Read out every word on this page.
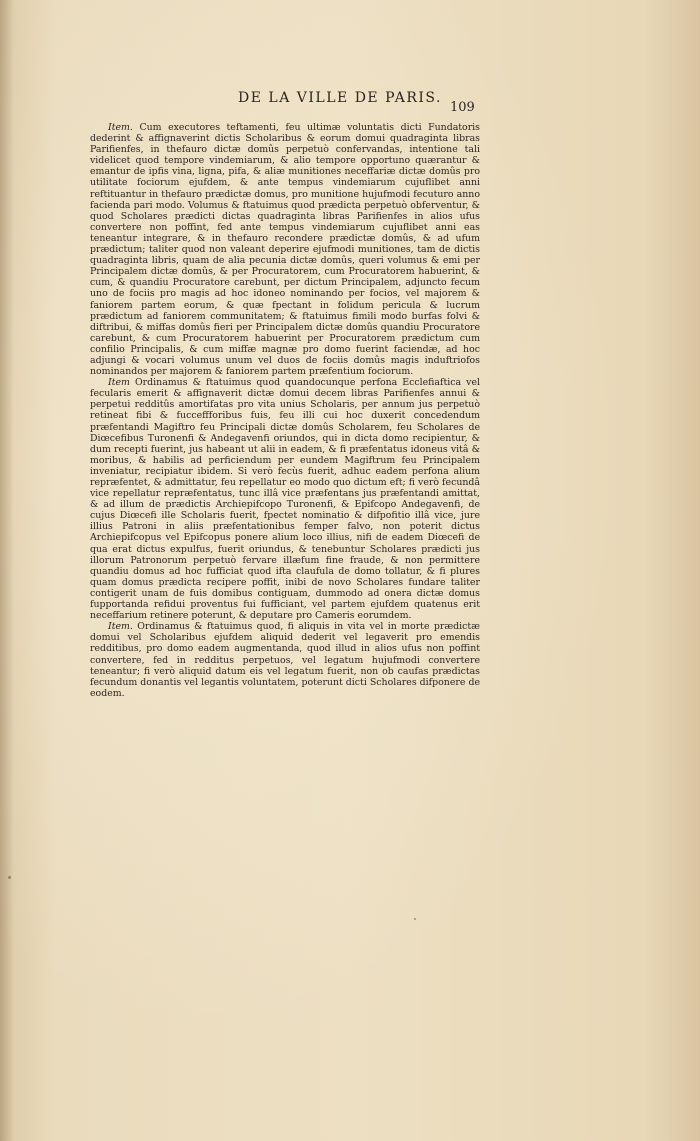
DE LA VILLE DE PARIS.
109

Item. Cum executores teftamenti, feu ultimæ voluntatis dicti Fundatoris dederint & affignaverint dictis Scholaribus & eorum domui quadraginta libras Parifienfes, in thefauro dictæ domûs perpetuò confervandas, intentione tali videlicet quod tempore vindemiarum, & alio tempore opportuno quærantur & emantur de ipfis vina, ligna, pifa, & aliæ munitiones neceffariæ dictæ domûs pro utilitate fociorum ejufdem, & ante tempus vindemiarum cujuflibet anni reftituantur in thefauro prædictæ domus, pro munitione hujufmodi fecuturo anno facienda pari modo. Volumus & ftatuimus quod prædicta perpetuò obferventur, & quod Scholares prædicti dictas quadraginta libras Parifienfes in alios ufus convertere non poffint, fed ante tempus vindemiarum cujuflibet anni eas teneantur integrare, & in thefauro recondere prædictæ domûs, & ad ufum prædictum; taliter quod non valeant deperire ejufmodi munitiones, tam de dictis quadraginta libris, quam de alia pecunia dictæ domûs, queri volumus & emi per Principalem dictæ domûs, & per Procuratorem, cum Procuratorem habuerint, & cum, & quandiu Procuratore carebunt, per dictum Principalem, adjuncto fecum uno de fociis pro magis ad hoc idoneo nominando per focios, vel majorem & faniorem partem eorum, & quæ fpectant in folidum pericula & lucrum prædictum ad faniorem communitatem; & ftatuimus fimili modo burfas folvi & diftribui, & miffas domûs fieri per Principalem dictæ domûs quandiu Procuratore carebunt, & cum Procuratorem habuerint per Procuratorem prædictum cum confilio Principalis, & cum miffæ magnæ pro domo fuerint faciendæ, ad hoc adjungi & vocari volumus unum vel duos de fociis domûs magis induftriofos nominandos per majorem & faniorem partem præfentium fociorum.

Item Ordinamus & ftatuimus quod quandocunque perfona Ecclefiaftica vel fecularis emerit & affignaverit dictæ domui decem libras Parifienfes annui & perpetui redditûs amortifatas pro vita unius Scholaris, per annum jus perpetuò retineat fibi & fucceffforibus fuis, feu illi cui hoc duxerit concedendum præfentandi Magiftro feu Principali dictæ domûs Scholarem, feu Scholares de Diœcefibus Turonenfi & Andegavenfi oriundos, qui in dicta domo recipientur, & dum recepti fuerint, jus habeant ut alii in eadem, & fi præfentatus idoneus vitâ & moribus, & habilis ad perficiendum per eundem Magiftrum feu Principalem inveniatur, recipiatur ibidem. Si verò fecùs fuerit, adhuc eadem perfona alium repræfentet, & admittatur, feu repellatur eo modo quo dictum eft; fi verò fecundâ vice repellatur repræfentatus, tunc illâ vice præfentans jus præfentandi amittat, & ad illum de prædictis Archiepifcopo Turonenfi, & Epifcopo Andegavenfi, de cujus Diœcefi ille Scholaris fuerit, fpectet nominatio & difpofitio illâ vice, jure illius Patroni in aliis præfentationibus femper falvo, non poterit dictus Archiepifcopus vel Epifcopus ponere alium loco illius, nifi de eadem Diœcefi de qua erat dictus expulfus, fuerit oriundus, & tenebuntur Scholares prædicti jus illorum Patronorum perpetuò fervare illæfum fine fraude, & non permittere quandiu domus ad hoc fufficiat quod ifta claufula de domo tollatur, & fi plures quam domus prædicta recipere poffit, inibi de novo Scholares fundare taliter contigerit unam de fuis domibus contiguam, dummodo ad onera dictæ domus fupportanda refidui proventus fui fufficiant, vel partem ejufdem quatenus erit neceffarium retinere poterunt, & deputare pro Cameris eorumdem.

Item. Ordinamus & ftatuimus quod, fi aliquis in vita vel in morte prædictæ domui vel Scholaribus ejufdem aliquid dederit vel legaverit pro emendis redditibus, pro domo eadem augmentanda, quod illud in alios ufus non poffint convertere, fed in redditus perpetuos, vel legatum hujufmodi convertere teneantur; fi verò aliquid datum eis vel legatum fuerit, non ob caufas prædictas fecundum donantis vel legantis voluntatem, poterunt dicti Scholares difponere de eodem.
